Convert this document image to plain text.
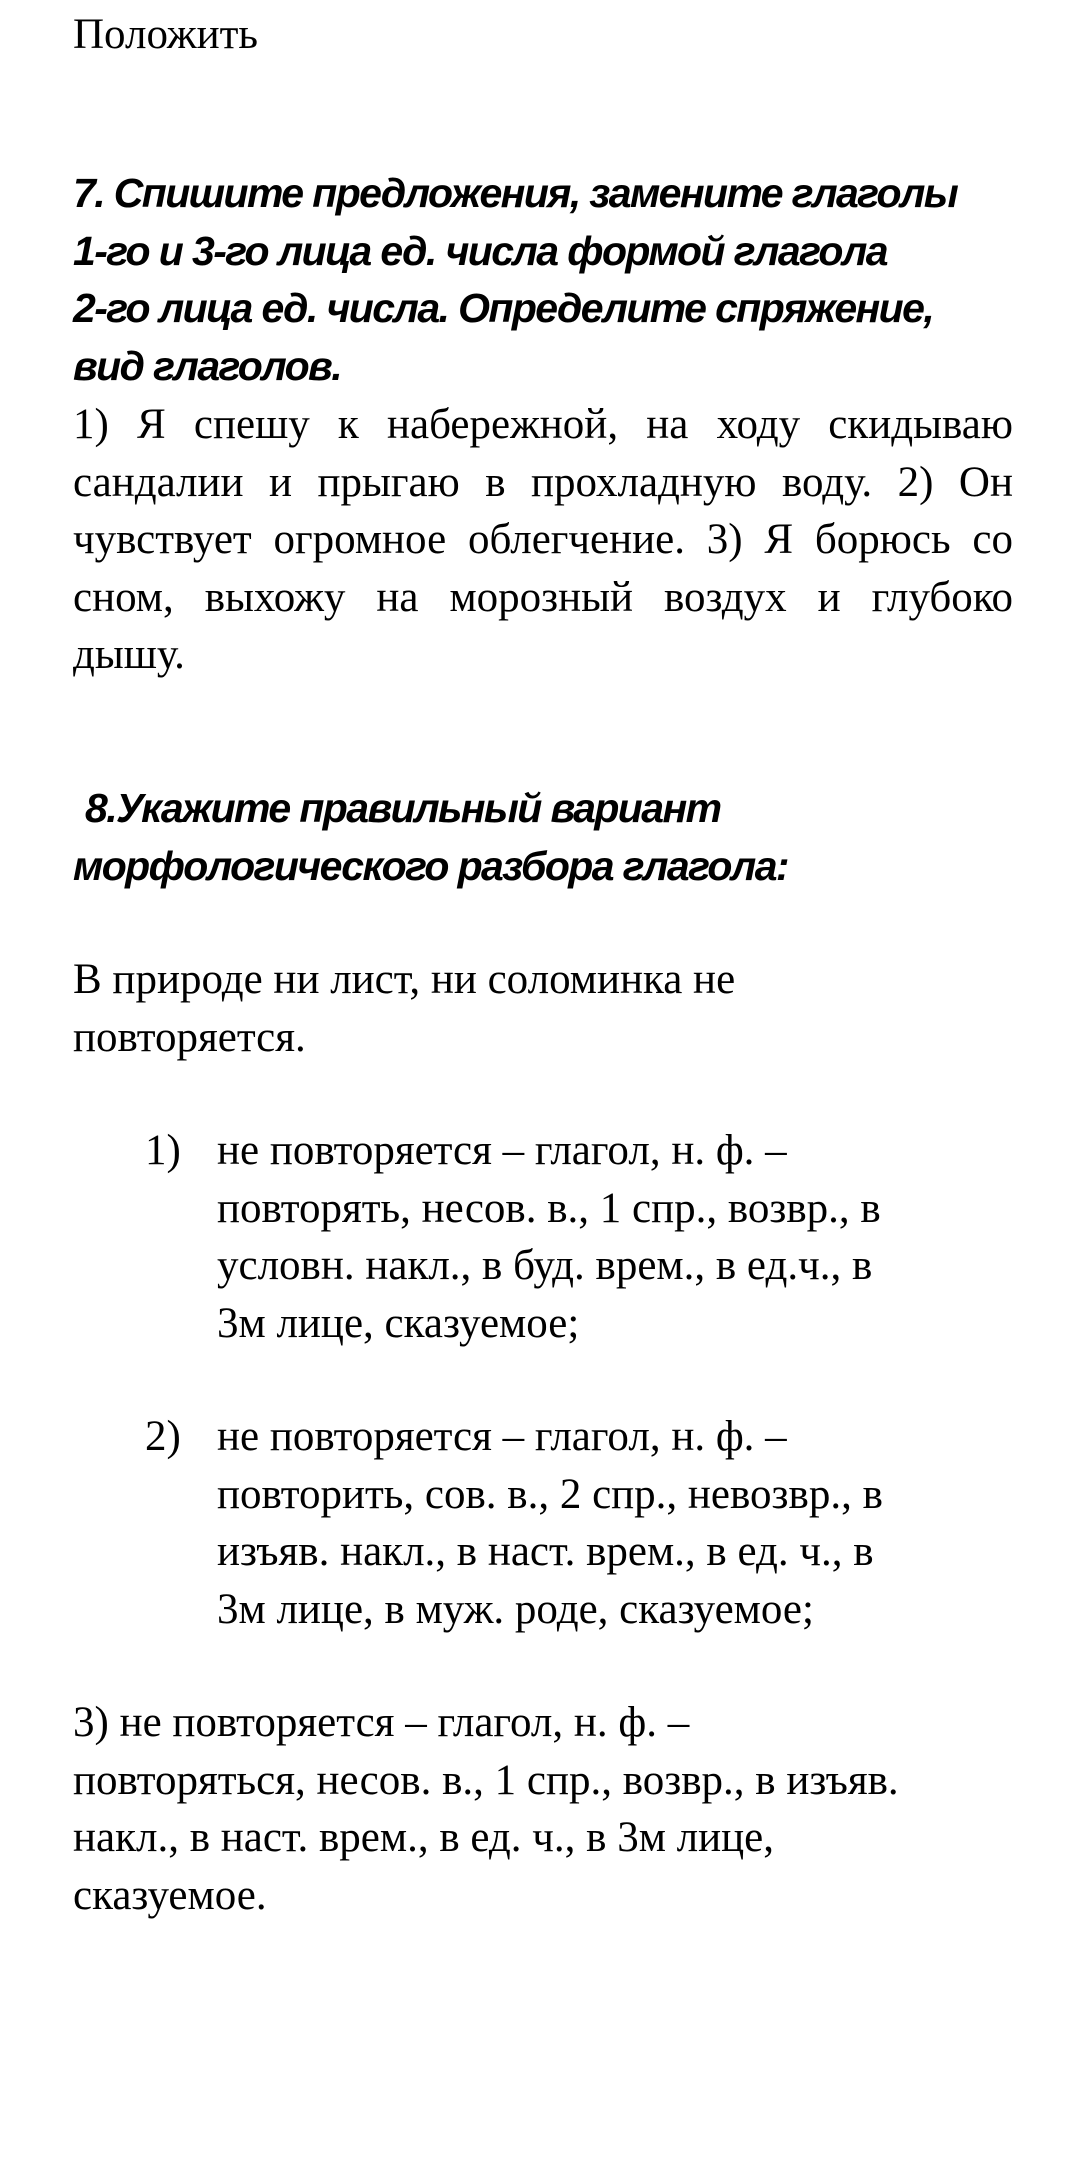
Положить

7. Спишите предложения, замените глаголы

1-го и 3-го лица ед. числа формой глагола

2-го лица ед. числа. Определите спряжение,

вид глаголов.

1) Я спешу к набережной, на ходу скидываю сандалии и прыгаю в прохладную воду. 2) Он чувствует огромное облегчение. 3) Я борюсь со сном, выхожу на морозный воздух и глубоко дышу.

8.Укажите правильный вариант

морфологического разбора глагола:

В природе ни лист, ни соломинка не
повторяется.
1) не повторяется – глагол, н. ф. –
повторять, несов. в., 1 спр., возвр., в
условн. накл., в буд. врем., в ед.ч., в
3м лице, сказуемое;
2) не повторяется – глагол, н. ф. –
повторить, сов. в., 2 спр., невозвр., в
изъяв. накл., в наст. врем., в ед. ч., в
3м лице, в муж. роде, сказуемое;
3) не повторяется – глагол, н. ф. –
повторяться, несов. в., 1 спр., возвр., в изъяв.
накл., в наст. врем., в ед. ч., в 3м лице,
сказуемое.
